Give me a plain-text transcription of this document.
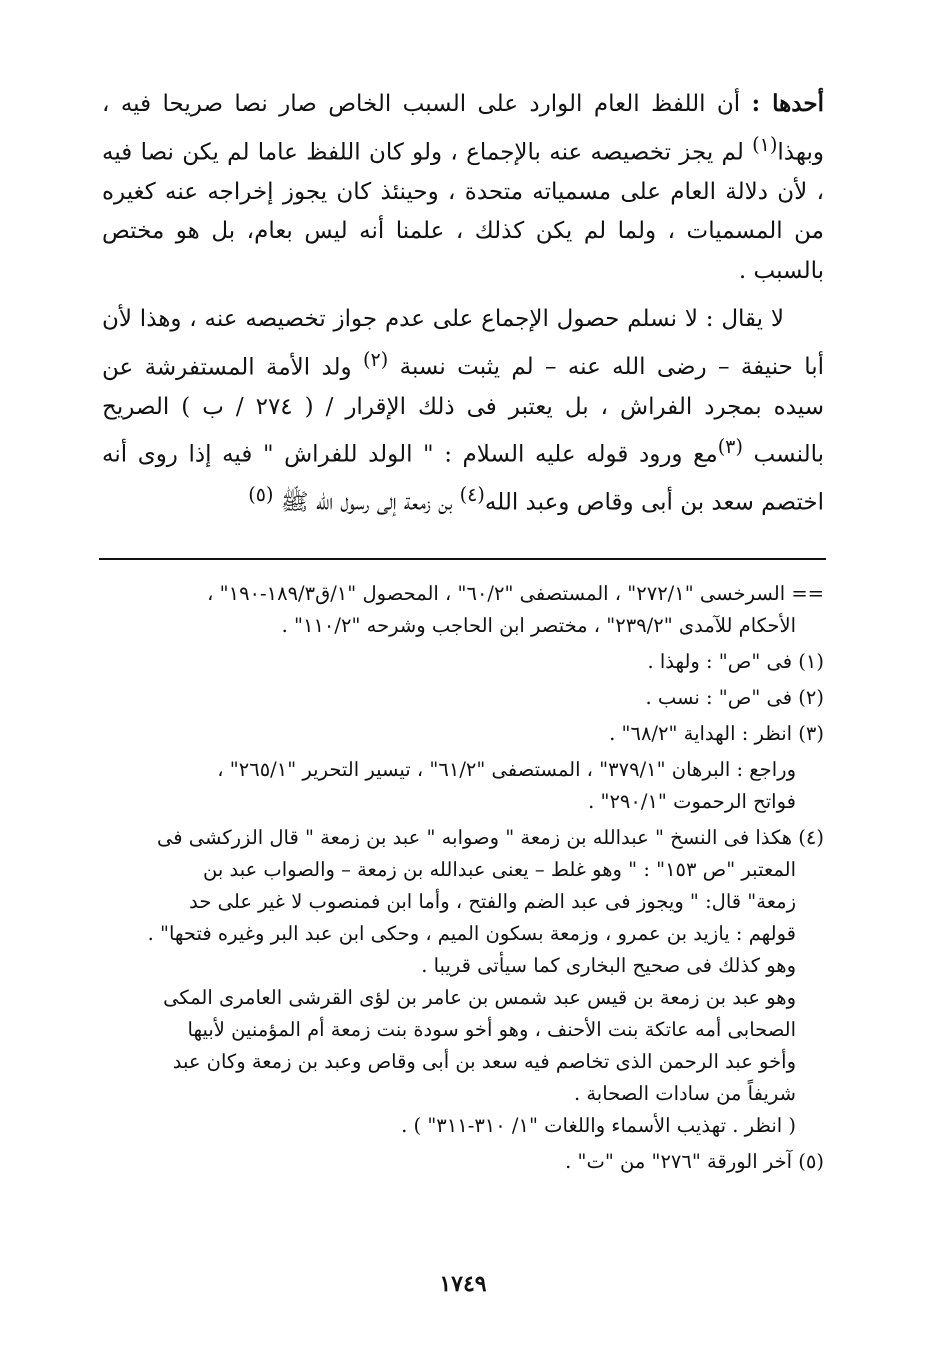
أحدها : أن اللفظ العام الوارد على السبب الخاص صار نصا صريحا فيه ، وبهذا$^{(١)}$ لم يجز تخصيصه عنه بالإجماع ، ولو كان اللفظ عاما لم يكن نصا فيه ، لأن دلالة العام على مسمياته متحدة ، وحينئذ كان يجوز إخراجه عنه كغيره من المسميات ، ولما لم يكن كذلك ، علمنا أنه ليس بعام، بل هو مختص بالسبب .

لا يقال : لا نسلم حصول الإجماع على عدم جواز تخصيصه عنه ، وهذا لأن أبا حنيفة – رضى الله عنه – لم يثبت نسبة $^{(٢)}$ ولد الأمة المستفرشة عن سيده بمجرد الفراش ، بل يعتبر فى ذلك الإقرار / ( ٢٧٤ / ب ) الصريح بالنسب $^{(٣)}$مع ورود قوله عليه السلام : " الولد للفراش " فيه إذا روى أنه اختصم سعد بن أبى وقاص وعبد الله$^{(٤)}$ بن زمعة إلى رسول الله ﷺ $^{(٥)}$

== السرخسى "٢٧٢/١" ، المستصفى "٦٠/٢" ، المحصول "١/ق١٨٩/٣-١٩٠" ،

الأحكام للآمدى "٢٣٩/٢" ، مختصر ابن الحاجب وشرحه "١١٠/٢" .

(١) فى "ص" : ولهذا .

(٢) فى "ص" : نسب .

(٣) انظر : الهداية "٦٨/٢" .

وراجع : البرهان "٣٧٩/١" ، المستصفى "٦١/٢" ، تيسير التحرير "٢٦٥/١" ،

فواتح الرحموت "٢٩٠/١" .

(٤) هكذا فى النسخ " عبدالله بن زمعة " وصوابه " عبد بن زمعة " قال الزركشى فى

المعتبر "ص ١٥٣" : " وهو غلط – يعنى عبدالله بن زمعة – والصواب عبد بن

زمعة" قال: " ويجوز فى عبد الضم والفتح ، وأما ابن فمنصوب لا غير على حد

قولهم : يازيد بن عمرو ، وزمعة بسكون الميم ، وحكى ابن عبد البر وغيره فتحها" .

وهو كذلك فى صحيح البخارى كما سيأتى قريبا .

وهو عبد بن زمعة بن قيس عبد شمس بن عامر بن لؤى القرشى العامرى المكى

الصحابى أمه عاتكة بنت الأحنف ، وهو أخو سودة بنت زمعة أم المؤمنين لأبيها

وأخو عبد الرحمن الذى تخاصم فيه سعد بن أبى وقاص وعبد بن زمعة وكان عبد

شريفاً من سادات الصحابة .

( انظر . تهذيب الأسماء واللغات "١/ ٣١٠-٣١١" ) .

(٥) آخر الورقة "٢٧٦" من "ت" .

١٧٤٩
